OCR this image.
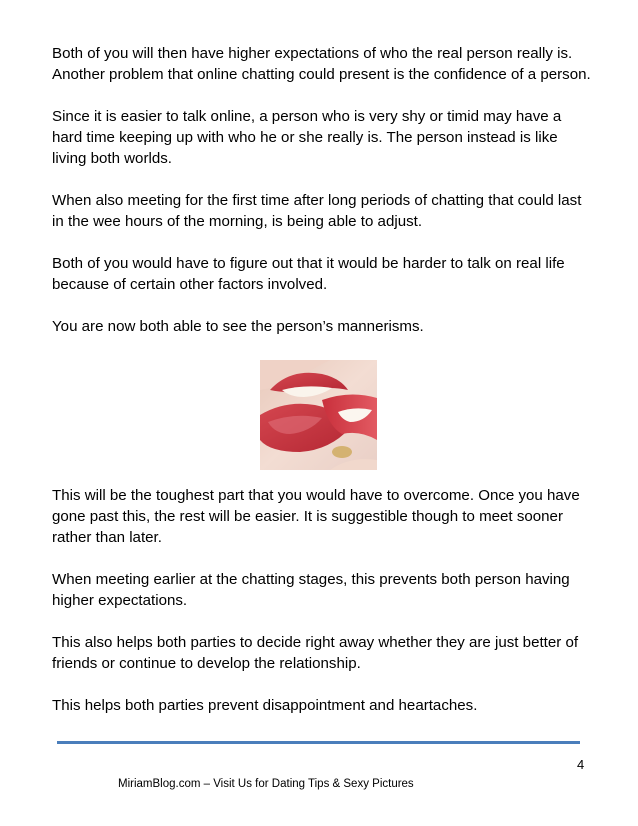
Both of you will then have higher expectations of who the real person really is. Another problem that online chatting could present is the confidence of a person.

Since it is easier to talk online, a person who is very shy or timid may have a hard time keeping up with who he or she really is. The person instead is like living both worlds.

When also meeting for the first time after long periods of chatting that could last in the wee hours of the morning, is being able to adjust.

Both of you would have to figure out that it would be harder to talk on real life because of certain other factors involved.

You are now both able to see the person’s mannerisms.

This will be the toughest part that you would have to overcome. Once you have gone past this, the rest will be easier. It is suggestible though to meet sooner rather than later.

When meeting earlier at the chatting stages, this prevents both person having higher expectations.

This also helps both parties to decide right away whether they are just better of friends or continue to develop the relationship.

This helps both parties prevent disappointment and heartaches.

4
MiriamBlog.com – Visit Us for Dating Tips & Sexy Pictures
